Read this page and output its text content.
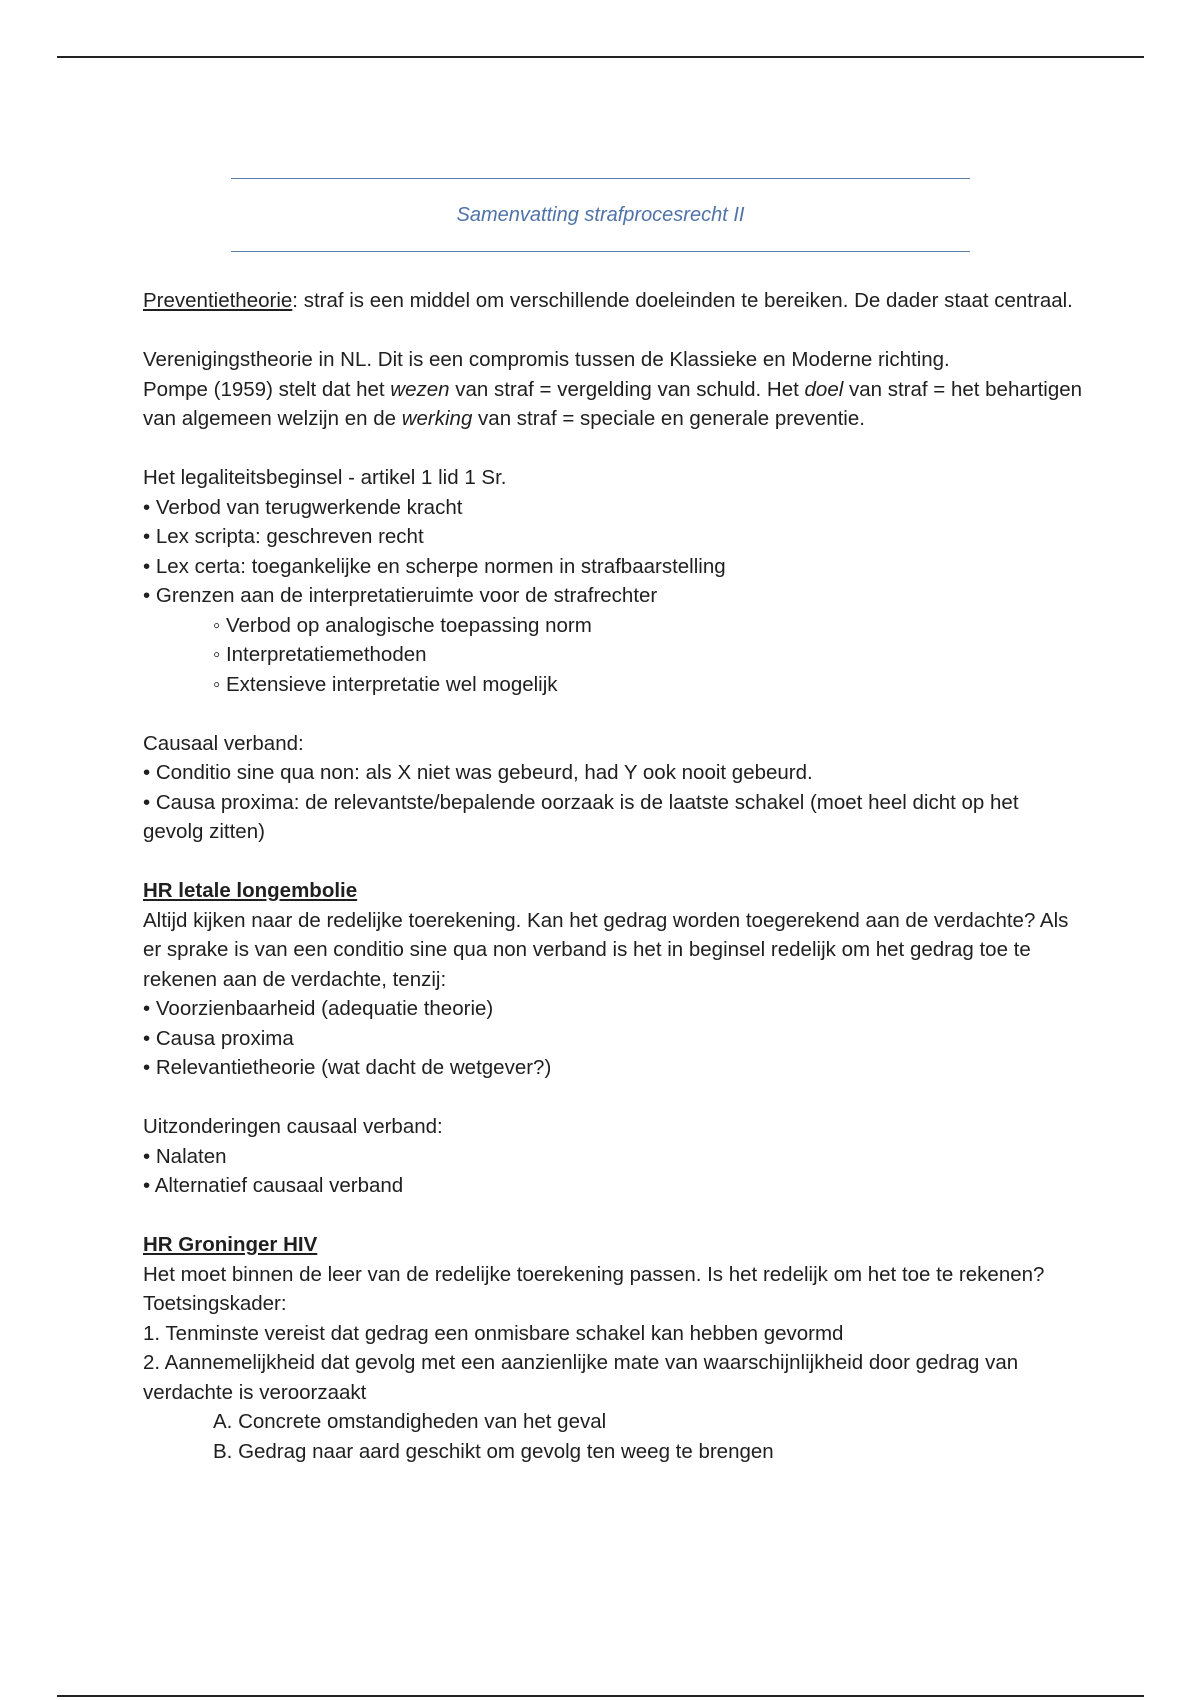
Samenvatting strafprocesrecht II

Preventietheorie: straf is een middel om verschillende doeleinden te bereiken. De dader staat centraal.

Verenigingstheorie in NL. Dit is een compromis tussen de Klassieke en Moderne richting.
Pompe (1959) stelt dat het wezen van straf = vergelding van schuld. Het doel van straf = het behartigen van algemeen welzijn en de werking van straf = speciale en generale preventie.

Het legaliteitsbeginsel - artikel 1 lid 1 Sr.
• Verbod van terugwerkende kracht
• Lex scripta: geschreven recht
• Lex certa: toegankelijke en scherpe normen in strafbaarstelling
• Grenzen aan de interpretatieruimte voor de strafrechter
◦ Verbod op analogische toepassing norm
◦ Interpretatiemethoden
◦ Extensieve interpretatie wel mogelijk
Causaal verband:
• Conditio sine qua non: als X niet was gebeurd, had Y ook nooit gebeurd.
• Causa proxima: de relevantste/bepalende oorzaak is de laatste schakel (moet heel dicht op het gevolg zitten)
HR letale longembolie
Altijd kijken naar de redelijke toerekening. Kan het gedrag worden toegerekend aan de verdachte? Als er sprake is van een conditio sine qua non verband is het in beginsel redelijk om het gedrag toe te rekenen aan de verdachte, tenzij:
• Voorzienbaarheid (adequatie theorie)
• Causa proxima
• Relevantietheorie (wat dacht de wetgever?)
Uitzonderingen causaal verband:
• Nalaten
• Alternatief causaal verband
HR Groninger HIV
Het moet binnen de leer van de redelijke toerekening passen. Is het redelijk om het toe te rekenen?
Toetsingskader:
1. Tenminste vereist dat gedrag een onmisbare schakel kan hebben gevormd
2. Aannemelijkheid dat gevolg met een aanzienlijke mate van waarschijnlijkheid door gedrag van verdachte is veroorzaakt
A. Concrete omstandigheden van het geval
B. Gedrag naar aard geschikt om gevolg ten weeg te brengen
